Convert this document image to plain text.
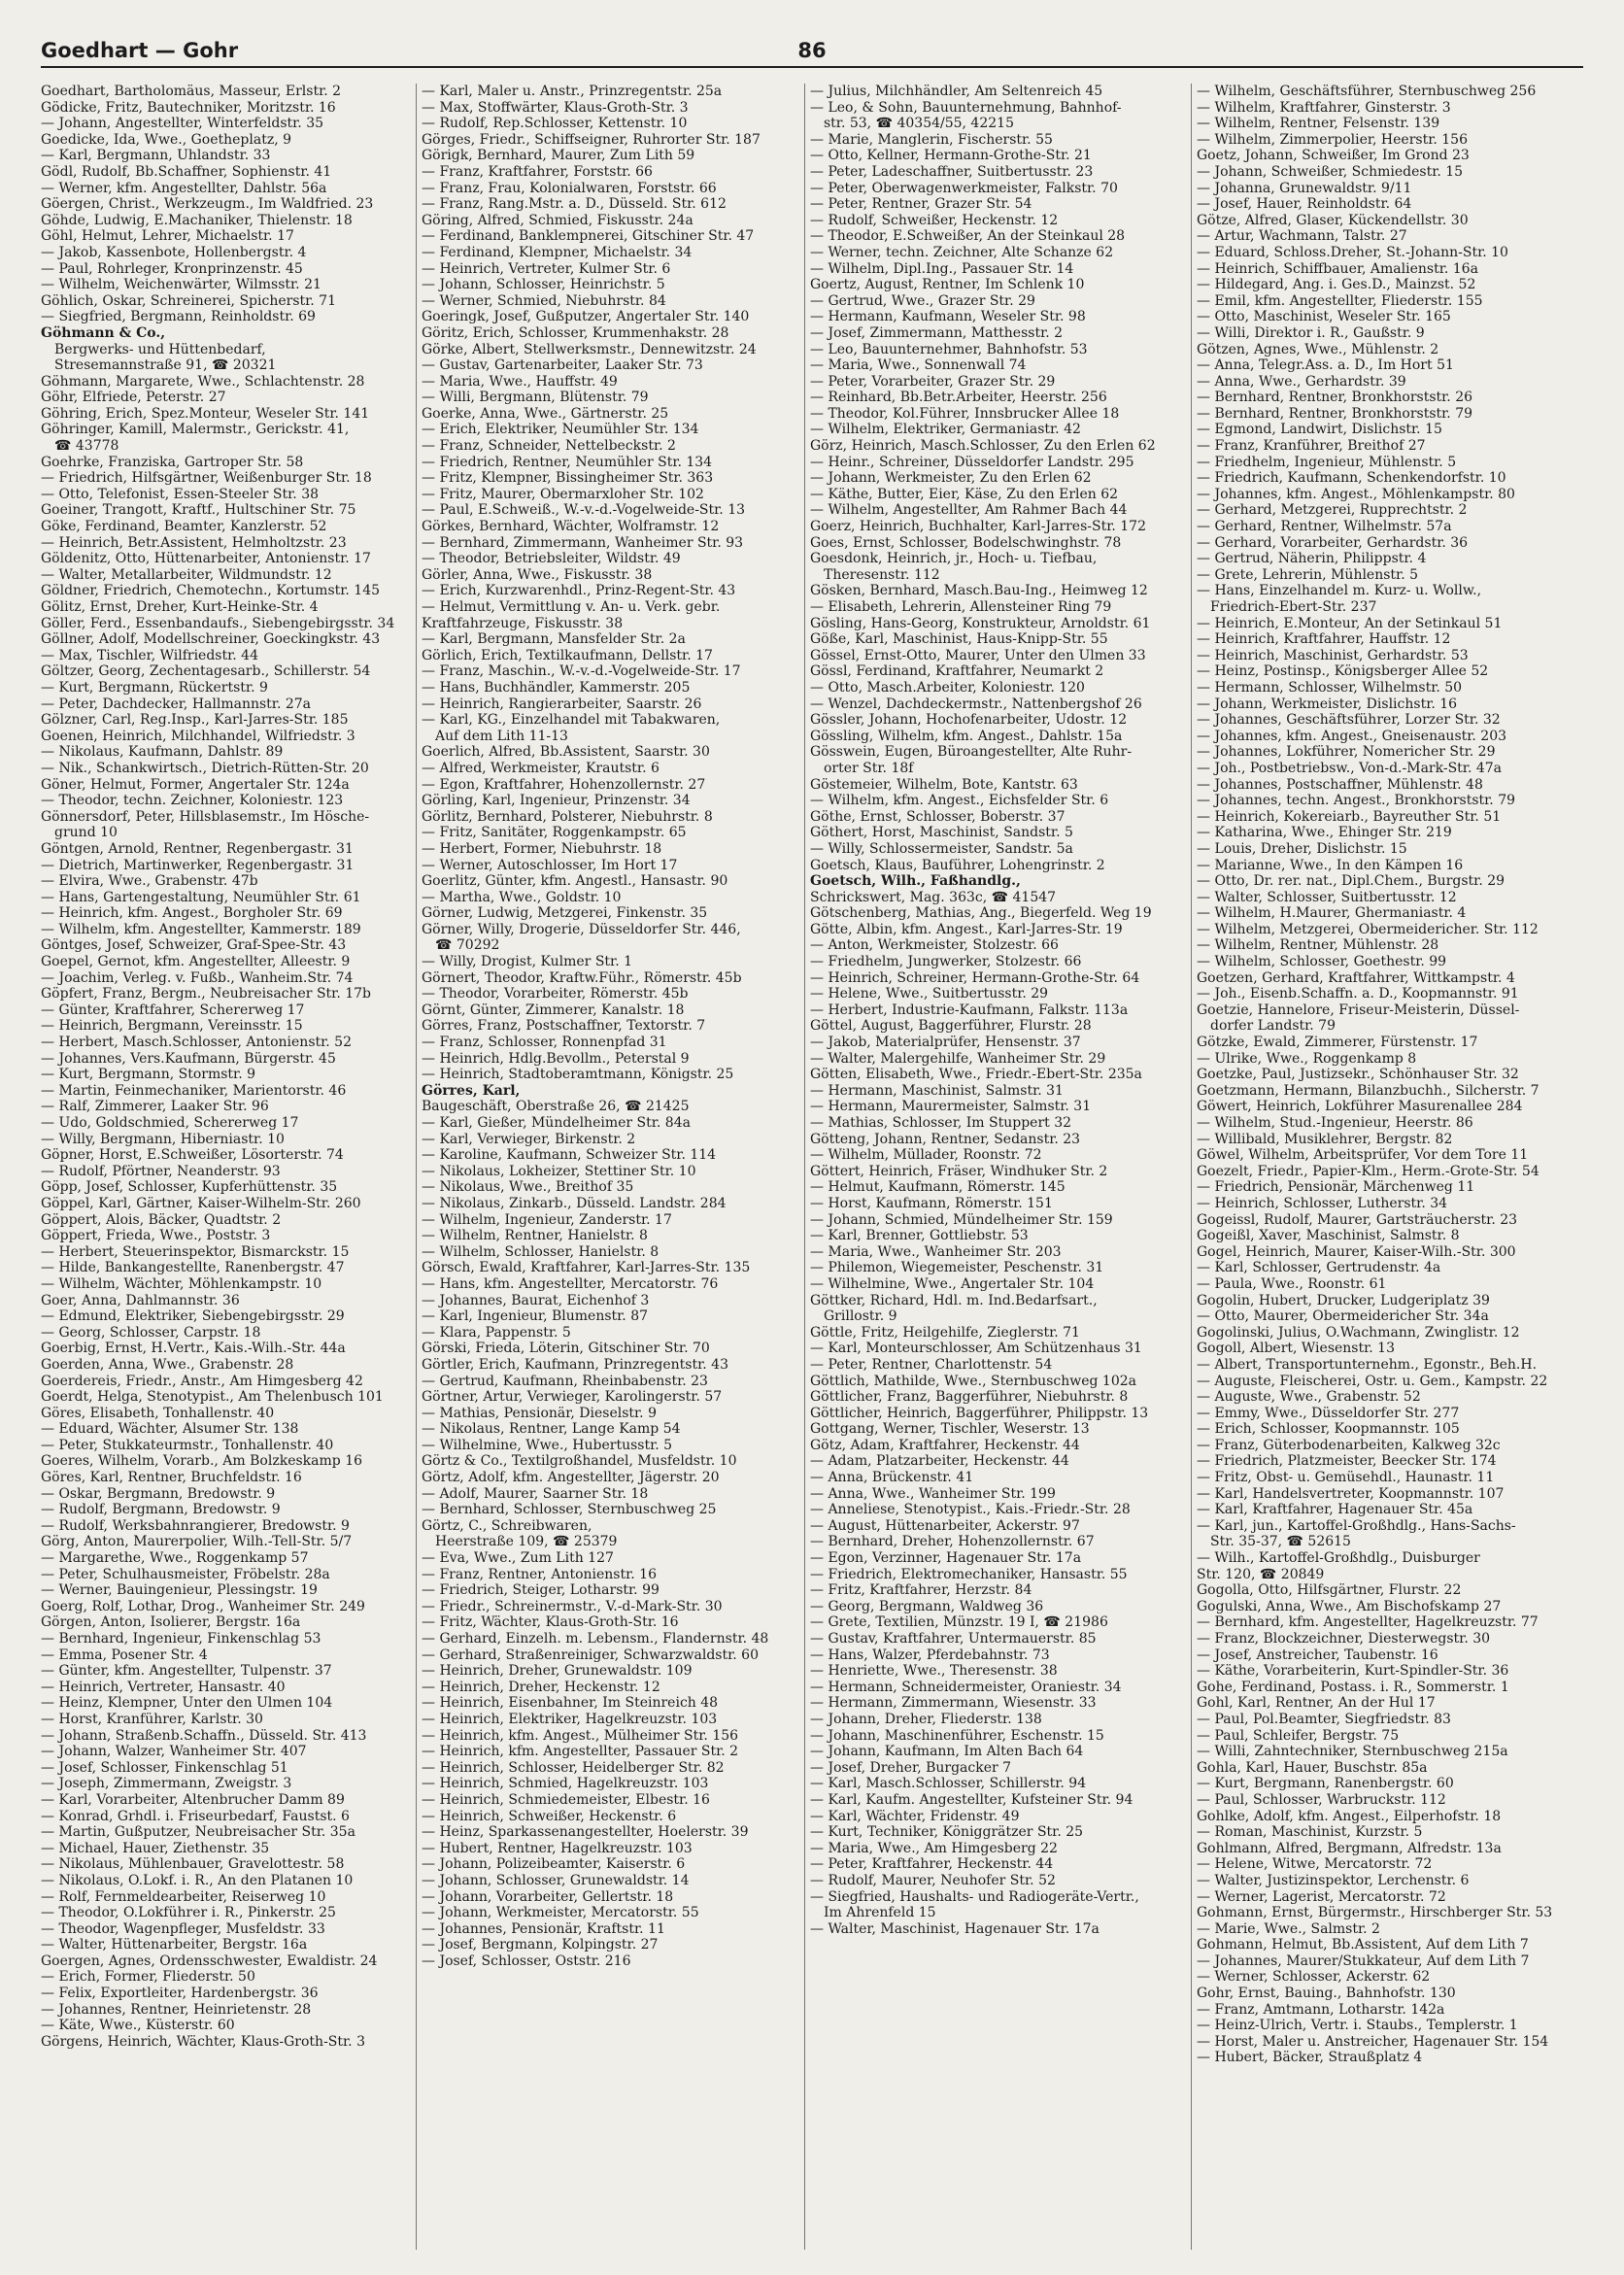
Goedhart — Gohr	86
Goedhart, Bartholomäus, Masseur, Erlstr. 2
Gödicke, Fritz, Bautechniker, Moritzstr. 16
— Johann, Angestellter, Winterfeldstr. 35
Goedicke, Ida, Wwe., Goetheplatz, 9
— Karl, Bergmann, Uhlandstr. 33
Gödl, Rudolf, Bb.Schaffner, Sophienstr. 41
— Werner, kfm. Angestellter, Dahlstr. 56a
Göergen, Christ., Werkzeugm., Im Waldfried. 23
Göhde, Ludwig, E.Machaniker, Thielenstr. 18
Göhl, Helmut, Lehrer, Michaelstr. 17
— Jakob, Kassenbote, Hollenbergstr. 4
— Paul, Rohrleger, Kronprinzenstr. 45
— Wilhelm, Weichenwärter, Wilmsstr. 21
Göhlich, Oskar, Schreinerei, Spicherstr. 71
— Siegfried, Bergmann, Reinholdstr. 69
Göhmann & Co.,
Bergwerks- und Hüttenbedarf,
Stresemannstraße 91, ☎ 20321
Göhmann, Margarete, Wwe., Schlachtenstr. 28
Göhr, Elfriede, Peterstr. 27
Göhring, Erich, Spez.Monteur, Weseler Str. 141
Göhringer, Kamill, Malermstr., Gerickstr. 41,
☎ 43778
Goehrke, Franziska, Gartroper Str. 58
— Friedrich, Hilfsgärtner, Weißenburger Str. 18
— Otto, Telefonist, Essen-Steeler Str. 38
Goeiner, Trangott, Kraftf., Hultschiner Str. 75
Göke, Ferdinand, Beamter, Kanzlerstr. 52
— Heinrich, Betr.Assistent, Helmholtzstr. 23
Göldenitz, Otto, Hüttenarbeiter, Antonienstr. 17
— Walter, Metallarbeiter, Wildmundstr. 12
Göldner, Friedrich, Chemotechn., Kortumstr. 145
Gölitz, Ernst, Dreher, Kurt-Heinke-Str. 4
Göller, Ferd., Essenbandaufs., Siebengebirgsstr. 34
Göllner, Adolf, Modellschreiner, Goeckingkstr. 43
— Max, Tischler, Wilfriedstr. 44
Göltzer, Georg, Zechentagesarb., Schillerstr. 54
— Kurt, Bergmann, Rückertstr. 9
— Peter, Dachdecker, Hallmannstr. 27a
Gölzner, Carl, Reg.Insp., Karl-Jarres-Str. 185
Goenen, Heinrich, Milchhandel, Wilfriedstr. 3
— Nikolaus, Kaufmann, Dahlstr. 89
— Nik., Schankwirtsch., Dietrich-Rütten-Str. 20
Göner, Helmut, Former, Angertaler Str. 124a
— Theodor, techn. Zeichner, Koloniestr. 123
Gönnersdorf, Peter, Hillsblasemstr., Im Hösche-
grund 10
Göntgen, Arnold, Rentner, Regenbergastr. 31
— Dietrich, Martinwerker, Regenbergastr. 31
— Elvira, Wwe., Grabenstr. 47b
— Hans, Gartengestaltung, Neumühler Str. 61
— Heinrich, kfm. Angest., Borgholer Str. 69
— Wilhelm, kfm. Angestellter, Kammerstr. 189
Göntges, Josef, Schweizer, Graf-Spee-Str. 43
Goepel, Gernot, kfm. Angestellter, Alleestr. 9
— Joachim, Verleg. v. Fußb., Wanheim.Str. 74
Göpfert, Franz, Bergm., Neubreisacher Str. 17b
— Günter, Kraftfahrer, Schererweg 17
— Heinrich, Bergmann, Vereinsstr. 15
— Herbert, Masch.Schlosser, Antonienstr. 52
— Johannes, Vers.Kaufmann, Bürgerstr. 45
— Kurt, Bergmann, Stormstr. 9
— Martin, Feinmechaniker, Marientorstr. 46
— Ralf, Zimmerer, Laaker Str. 96
— Udo, Goldschmied, Schererweg 17
— Willy, Bergmann, Hiberniastr. 10
Göpner, Horst, E.Schweißer, Lösorterstr. 74
— Rudolf, Pförtner, Neanderstr. 93
Göpp, Josef, Schlosser, Kupferhüttenstr. 35
Göppel, Karl, Gärtner, Kaiser-Wilhelm-Str. 260
Göppert, Alois, Bäcker, Quadtstr. 2
Göppert, Frieda, Wwe., Poststr. 3
— Herbert, Steuerinspektor, Bismarckstr. 15
— Hilde, Bankangestellte, Ranenbergstr. 47
— Wilhelm, Wächter, Möhlenkampstr. 10
Goer, Anna, Dahlmannstr. 36
— Edmund, Elektriker, Siebengebirgsstr. 29
— Georg, Schlosser, Carpstr. 18
Goerbig, Ernst, H.Vertr., Kais.-Wilh.-Str. 44a
Goerden, Anna, Wwe., Grabenstr. 28
Goerdereis, Friedr., Anstr., Am Himgesberg 42
Goerdt, Helga, Stenotypist., Am Thelenbusch 101
Göres, Elisabeth, Tonhallenstr. 40
— Eduard, Wächter, Alsumer Str. 138
— Peter, Stukkateurmstr., Tonhallenstr. 40
Goeres, Wilhelm, Vorarb., Am Bolzkeskamp 16
Göres, Karl, Rentner, Bruchfeldstr. 16
— Oskar, Bergmann, Bredowstr. 9
— Rudolf, Bergmann, Bredowstr. 9
— Rudolf, Werksbahnrangierer, Bredowstr. 9
Görg, Anton, Maurerpolier, Wilh.-Tell-Str. 5/7
— Margarethe, Wwe., Roggenkamp 57
— Peter, Schulhausmeister, Fröbelstr. 28a
— Werner, Bauingenieur, Plessingstr. 19
Goerg, Rolf, Lothar, Drog., Wanheimer Str. 249
Görgen, Anton, Isolierer, Bergstr. 16a
— Bernhard, Ingenieur, Finkenschlag 53
— Emma, Posener Str. 4
— Günter, kfm. Angestellter, Tulpenstr. 37
— Heinrich, Vertreter, Hansastr. 40
— Heinz, Klempner, Unter den Ulmen 104
— Horst, Kranführer, Karlstr. 30
— Johann, Straßenb.Schaffn., Düsseld. Str. 413
— Johann, Walzer, Wanheimer Str. 407
— Josef, Schlosser, Finkenschlag 51
— Joseph, Zimmermann, Zweigstr. 3
— Karl, Vorarbeiter, Altenbrucher Damm 89
— Konrad, Grhdl. i. Friseurbedarf, Faustst. 6
— Martin, Gußputzer, Neubreisacher Str. 35a
— Michael, Hauer, Ziethenstr. 35
— Nikolaus, Mühlenbauer, Gravelottestr. 58
— Nikolaus, O.Lokf. i. R., An den Platanen 10
— Rolf, Fernmeldearbeiter, Reiserweg 10
— Theodor, O.Lokführer i. R., Pinkerstr. 25
— Theodor, Wagenpfleger, Musfeldstr. 33
— Walter, Hüttenarbeiter, Bergstr. 16a
Goergen, Agnes, Ordensschwester, Ewaldistr. 24
— Erich, Former, Fliederstr. 50
— Felix, Exportleiter, Hardenbergstr. 36
— Johannes, Rentner, Heinrietenstr. 28
— Käte, Wwe., Küsterstr. 60
Görgens, Heinrich, Wächter, Klaus-Groth-Str. 3
— Karl, Maler u. Anstr., Prinzregentstr. 25a
— Max, Stoffwärter, Klaus-Groth-Str. 3
— Rudolf, Rep.Schlosser, Kettenstr. 10
Görges, Friedr., Schiffseigner, Ruhrorter Str. 187
Görigk, Bernhard, Maurer, Zum Lith 59
— Franz, Kraftfahrer, Forststr. 66
— Franz, Frau, Kolonialwaren, Forststr. 66
— Franz, Rang.Mstr. a. D., Düsseld. Str. 612
Göring, Alfred, Schmied, Fiskusstr. 24a
— Ferdinand, Banklempnerei, Gitschiner Str. 47
— Ferdinand, Klempner, Michaelstr. 34
— Heinrich, Vertreter, Kulmer Str. 6
— Johann, Schlosser, Heinrichstr. 5
— Werner, Schmied, Niebuhrstr. 84
Goeringk, Josef, Gußputzer, Angertaler Str. 140
Göritz, Erich, Schlosser, Krummenhakstr. 28
Görke, Albert, Stellwerksmstr., Dennewitzstr. 24
— Gustav, Gartenarbeiter, Laaker Str. 73
— Maria, Wwe., Hauffstr. 49
— Willi, Bergmann, Blütenstr. 79
Goerke, Anna, Wwe., Gärtnerstr. 25
— Erich, Elektriker, Neumühler Str. 134
— Franz, Schneider, Nettelbeckstr. 2
— Friedrich, Rentner, Neumühler Str. 134
— Fritz, Klempner, Bissingheimer Str. 363
— Fritz, Maurer, Obermarxloher Str. 102
— Paul, E.Schweiß., W.-v.-d.-Vogelweide-Str. 13
Görkes, Bernhard, Wächter, Wolframstr. 12
— Bernhard, Zimmermann, Wanheimer Str. 93
— Theodor, Betriebsleiter, Wildstr. 49
Görler, Anna, Wwe., Fiskusstr. 38
— Erich, Kurzwarenhdl., Prinz-Regent-Str. 43
— Helmut, Vermittlung v. An- u. Verk. gebr.
Kraftfahrzeuge, Fiskusstr. 38
— Karl, Bergmann, Mansfelder Str. 2a
Görlich, Erich, Textilkaufmann, Dellstr. 17
— Franz, Maschin., W.-v.-d.-Vogelweide-Str. 17
— Hans, Buchhändler, Kammerstr. 205
— Heinrich, Rangierarbeiter, Saarstr. 26
— Karl, KG., Einzelhandel mit Tabakwaren,
Auf dem Lith 11-13
Goerlich, Alfred, Bb.Assistent, Saarstr. 30
— Alfred, Werkmeister, Krautstr. 6
— Egon, Kraftfahrer, Hohenzollernstr. 27
Görling, Karl, Ingenieur, Prinzenstr. 34
Görlitz, Bernhard, Polsterer, Niebuhrstr. 8
— Fritz, Sanitäter, Roggenkampstr. 65
— Herbert, Former, Niebuhrstr. 18
— Werner, Autoschlosser, Im Hort 17
Goerlitz, Günter, kfm. Angestl., Hansastr. 90
— Martha, Wwe., Goldstr. 10
Görner, Ludwig, Metzgerei, Finkenstr. 35
Görner, Willy, Drogerie, Düsseldorfer Str. 446,
☎ 70292
— Willy, Drogist, Kulmer Str. 1
Görnert, Theodor, Kraftw.Führ., Römerstr. 45b
— Theodor, Vorarbeiter, Römerstr. 45b
Görnt, Günter, Zimmerer, Kanalstr. 18
Görres, Franz, Postschaffner, Textorstr. 7
— Franz, Schlosser, Ronnenpfad 31
— Heinrich, Hdlg.Bevollm., Peterstal 9
— Heinrich, Stadtoberamtmann, Königstr. 25
Görres, Karl,
Baugeschäft, Oberstraße 26, ☎ 21425
— Karl, Gießer, Mündelheimer Str. 84a
— Karl, Verwieger, Birkenstr. 2
— Karoline, Kaufmann, Schweizer Str. 114
— Nikolaus, Lokheizer, Stettiner Str. 10
— Nikolaus, Wwe., Breithof 35
— Nikolaus, Zinkarb., Düsseld. Landstr. 284
— Wilhelm, Ingenieur, Zanderstr. 17
— Wilhelm, Rentner, Hanielstr. 8
— Wilhelm, Schlosser, Hanielstr. 8
Görsch, Ewald, Kraftfahrer, Karl-Jarres-Str. 135
— Hans, kfm. Angestellter, Mercatorstr. 76
— Johannes, Baurat, Eichenhof 3
— Karl, Ingenieur, Blumenstr. 87
— Klara, Pappenstr. 5
Görski, Frieda, Löterin, Gitschiner Str. 70
Görtler, Erich, Kaufmann, Prinzregentstr. 43
— Gertrud, Kaufmann, Rheinbabenstr. 23
Görtner, Artur, Verwieger, Karolingerstr. 57
— Mathias, Pensionär, Dieselstr. 9
— Nikolaus, Rentner, Lange Kamp 54
— Wilhelmine, Wwe., Hubertusstr. 5
Görtz & Co., Textilgroßhandel, Musfeldstr. 10
Görtz, Adolf, kfm. Angestellter, Jägerstr. 20
— Adolf, Maurer, Saarner Str. 18
— Bernhard, Schlosser, Sternbuschweg 25
Görtz, C., Schreibwaren,
Heerstraße 109, ☎ 25379
— Eva, Wwe., Zum Lith 127
— Franz, Rentner, Antonienstr. 16
— Friedrich, Steiger, Lotharstr. 99
— Friedr., Schreinermstr., V.-d-Mark-Str. 30
— Fritz, Wächter, Klaus-Groth-Str. 16
— Gerhard, Einzelh. m. Lebensm., Flandernstr. 48
— Gerhard, Straßenreiniger, Schwarzwaldstr. 60
— Heinrich, Dreher, Grunewaldstr. 109
— Heinrich, Dreher, Heckenstr. 12
— Heinrich, Eisenbahner, Im Steinreich 48
— Heinrich, Elektriker, Hagelkreuzstr. 103
— Heinrich, kfm. Angest., Mülheimer Str. 156
— Heinrich, kfm. Angestellter, Passauer Str. 2
— Heinrich, Schlosser, Heidelberger Str. 82
— Heinrich, Schmied, Hagelkreuzstr. 103
— Heinrich, Schmiedemeister, Elbestr. 16
— Heinrich, Schweißer, Heckenstr. 6
— Heinz, Sparkassenangestellter, Hoelerstr. 39
— Hubert, Rentner, Hagelkreuzstr. 103
— Johann, Polizeibeamter, Kaiserstr. 6
— Johann, Schlosser, Grunewaldstr. 14
— Johann, Vorarbeiter, Gellertstr. 18
— Johann, Werkmeister, Mercatorstr. 55
— Johannes, Pensionär, Kraftstr. 11
— Josef, Bergmann, Kolpingstr. 27
— Josef, Schlosser, Oststr. 216
— Julius, Milchhändler, Am Seltenreich 45
— Leo, & Sohn, Bauunternehmung, Bahnhof-
str. 53, ☎ 40354/55, 42215
— Marie, Manglerin, Fischerstr. 55
— Otto, Kellner, Hermann-Grothe-Str. 21
— Peter, Ladeschaffner, Suitbertusstr. 23
— Peter, Oberwagenwerkmeister, Falkstr. 70
— Peter, Rentner, Grazer Str. 54
— Rudolf, Schweißer, Heckenstr. 12
— Theodor, E.Schweißer, An der Steinkaul 28
— Werner, techn. Zeichner, Alte Schanze 62
— Wilhelm, Dipl.Ing., Passauer Str. 14
Goertz, August, Rentner, Im Schlenk 10
— Gertrud, Wwe., Grazer Str. 29
— Hermann, Kaufmann, Weseler Str. 98
— Josef, Zimmermann, Matthesstr. 2
— Leo, Bauunternehmer, Bahnhofstr. 53
— Maria, Wwe., Sonnenwall 74
— Peter, Vorarbeiter, Grazer Str. 29
— Reinhard, Bb.Betr.Arbeiter, Heerstr. 256
— Theodor, Kol.Führer, Innsbrucker Allee 18
— Wilhelm, Elektriker, Germaniastr. 42
Görz, Heinrich, Masch.Schlosser, Zu den Erlen 62
— Heinr., Schreiner, Düsseldorfer Landstr. 295
— Johann, Werkmeister, Zu den Erlen 62
— Käthe, Butter, Eier, Käse, Zu den Erlen 62
— Wilhelm, Angestellter, Am Rahmer Bach 44
Goerz, Heinrich, Buchhalter, Karl-Jarres-Str. 172
Goes, Ernst, Schlosser, Bodelschwinghstr. 78
Goesdonk, Heinrich, jr., Hoch- u. Tiefbau,
Theresenstr. 112
Gösken, Bernhard, Masch.Bau-Ing., Heimweg 12
— Elisabeth, Lehrerin, Allensteiner Ring 79
Gösling, Hans-Georg, Konstrukteur, Arnoldstr. 61
Göße, Karl, Maschinist, Haus-Knipp-Str. 55
Gössel, Ernst-Otto, Maurer, Unter den Ulmen 33
Gössl, Ferdinand, Kraftfahrer, Neumarkt 2
— Otto, Masch.Arbeiter, Koloniestr. 120
— Wenzel, Dachdeckermstr., Nattenbergshof 26
Gössler, Johann, Hochofenarbeiter, Udostr. 12
Gössling, Wilhelm, kfm. Angest., Dahlstr. 15a
Gösswein, Eugen, Büroangestellter, Alte Ruhr-
orter Str. 18f
Göstemeier, Wilhelm, Bote, Kantstr. 63
— Wilhelm, kfm. Angest., Eichsfelder Str. 6
Göthe, Ernst, Schlosser, Boberstr. 37
Göthert, Horst, Maschinist, Sandstr. 5
— Willy, Schlossermeister, Sandstr. 5a
Goetsch, Klaus, Bauführer, Lohengrinstr. 2
Goetsch, Wilh., Faßhandlg.,
Schrickswert, Mag. 363c, ☎ 41547
Götschenberg, Mathias, Ang., Biegerfeld. Weg 19
Götte, Albin, kfm. Angest., Karl-Jarres-Str. 19
— Anton, Werkmeister, Stolzestr. 66
— Friedhelm, Jungwerker, Stolzestr. 66
— Heinrich, Schreiner, Hermann-Grothe-Str. 64
— Helene, Wwe., Suitbertusstr. 29
— Herbert, Industrie-Kaufmann, Falkstr. 113a
Göttel, August, Baggerführer, Flurstr. 28
— Jakob, Materialprüfer, Hensenstr. 37
— Walter, Malergehilfe, Wanheimer Str. 29
Götten, Elisabeth, Wwe., Friedr.-Ebert-Str. 235a
— Hermann, Maschinist, Salmstr. 31
— Hermann, Maurermeister, Salmstr. 31
— Mathias, Schlosser, Im Stuppert 32
Götteng, Johann, Rentner, Sedanstr. 23
— Wilhelm, Müllader, Roonstr. 72
Göttert, Heinrich, Fräser, Windhuker Str. 2
— Helmut, Kaufmann, Römerstr. 145
— Horst, Kaufmann, Römerstr. 151
— Johann, Schmied, Mündelheimer Str. 159
— Karl, Brenner, Gottliebstr. 53
— Maria, Wwe., Wanheimer Str. 203
— Philemon, Wiegemeister, Peschenstr. 31
— Wilhelmine, Wwe., Angertaler Str. 104
Göttker, Richard, Hdl. m. Ind.Bedarfsart.,
Grillostr. 9
Göttle, Fritz, Heilgehilfe, Zieglerstr. 71
— Karl, Monteurschlosser, Am Schützenhaus 31
— Peter, Rentner, Charlottenstr. 54
Göttlich, Mathilde, Wwe., Sternbuschweg 102a
Göttlicher, Franz, Baggerführer, Niebuhrstr. 8
Göttlicher, Heinrich, Baggerführer, Philippstr. 13
Gottgang, Werner, Tischler, Weserstr. 13
Götz, Adam, Kraftfahrer, Heckenstr. 44
— Adam, Platzarbeiter, Heckenstr. 44
— Anna, Brückenstr. 41
— Anna, Wwe., Wanheimer Str. 199
— Anneliese, Stenotypist., Kais.-Friedr.-Str. 28
— August, Hüttenarbeiter, Ackerstr. 97
— Bernhard, Dreher, Hohenzollernstr. 67
— Egon, Verzinner, Hagenauer Str. 17a
— Friedrich, Elektromechaniker, Hansastr. 55
— Fritz, Kraftfahrer, Herzstr. 84
— Georg, Bergmann, Waldweg 36
— Grete, Textilien, Münzstr. 19 I, ☎ 21986
— Gustav, Kraftfahrer, Untermauerstr. 85
— Hans, Walzer, Pferdebahnstr. 73
— Henriette, Wwe., Theresenstr. 38
— Hermann, Schneidermeister, Oraniestr. 34
— Hermann, Zimmermann, Wiesenstr. 33
— Johann, Dreher, Fliederstr. 138
— Johann, Maschinenführer, Eschenstr. 15
— Johann, Kaufmann, Im Alten Bach 64
— Josef, Dreher, Burgacker 7
— Karl, Masch.Schlosser, Schillerstr. 94
— Karl, Kaufm. Angestellter, Kufsteiner Str. 94
— Karl, Wächter, Fridenstr. 49
— Kurt, Techniker, Königgrätzer Str. 25
— Maria, Wwe., Am Himgesberg 22
— Peter, Kraftfahrer, Heckenstr. 44
— Rudolf, Maurer, Neuhofer Str. 52
— Siegfried, Haushalts- und Radiogeräte-Vertr.,
Im Ahrenfeld 15
— Walter, Maschinist, Hagenauer Str. 17a
— Wilhelm, Geschäftsführer, Sternbuschweg 256
— Wilhelm, Kraftfahrer, Ginsterstr. 3
— Wilhelm, Rentner, Felsenstr. 139
— Wilhelm, Zimmerpolier, Heerstr. 156
Goetz, Johann, Schweißer, Im Grond 23
— Johann, Schweißer, Schmiedestr. 15
— Johanna, Grunewaldstr. 9/11
— Josef, Hauer, Reinholdstr. 64
Götze, Alfred, Glaser, Kückendellstr. 30
— Artur, Wachmann, Talstr. 27
— Eduard, Schloss.Dreher, St.-Johann-Str. 10
— Heinrich, Schiffbauer, Amalienstr. 16a
— Hildegard, Ang. i. Ges.D., Mainzst. 52
— Emil, kfm. Angestellter, Fliederstr. 155
— Otto, Maschinist, Weseler Str. 165
— Willi, Direktor i. R., Gaußstr. 9
Götzen, Agnes, Wwe., Mühlenstr. 2
— Anna, Telegr.Ass. a. D., Im Hort 51
— Anna, Wwe., Gerhardstr. 39
— Bernhard, Rentner, Bronkhorststr. 26
— Bernhard, Rentner, Bronkhorststr. 79
— Egmond, Landwirt, Dislichstr. 15
— Franz, Kranführer, Breithof 27
— Friedhelm, Ingenieur, Mühlenstr. 5
— Friedrich, Kaufmann, Schenkendorfstr. 10
— Johannes, kfm. Angest., Möhlenkampstr. 80
— Gerhard, Metzgerei, Rupprechtstr. 2
— Gerhard, Rentner, Wilhelmstr. 57a
— Gerhard, Vorarbeiter, Gerhardstr. 36
— Gertrud, Näherin, Philippstr. 4
— Grete, Lehrerin, Mühlenstr. 5
— Hans, Einzelhandel m. Kurz- u. Wollw.,
Friedrich-Ebert-Str. 237
— Heinrich, E.Monteur, An der Setinkaul 51
— Heinrich, Kraftfahrer, Hauffstr. 12
— Heinrich, Maschinist, Gerhardstr. 53
— Heinz, Postinsp., Königsberger Allee 52
— Hermann, Schlosser, Wilhelmstr. 50
— Johann, Werkmeister, Dislichstr. 16
— Johannes, Geschäftsführer, Lorzer Str. 32
— Johannes, kfm. Angest., Gneisenaustr. 203
— Johannes, Lokführer, Nomericher Str. 29
— Joh., Postbetriebsw., Von-d.-Mark-Str. 47a
— Johannes, Postschaffner, Mühlenstr. 48
— Johannes, techn. Angest., Bronkhorststr. 79
— Heinrich, Kokereiarb., Bayreuther Str. 51
— Katharina, Wwe., Ehinger Str. 219
— Louis, Dreher, Dislichstr. 15
— Marianne, Wwe., In den Kämpen 16
— Otto, Dr. rer. nat., Dipl.Chem., Burgstr. 29
— Walter, Schlosser, Suitbertusstr. 12
— Wilhelm, H.Maurer, Ghermaniastr. 4
— Wilhelm, Metzgerei, Obermeidericher. Str. 112
— Wilhelm, Rentner, Mühlenstr. 28
— Wilhelm, Schlosser, Goethestr. 99
Goetzen, Gerhard, Kraftfahrer, Wittkampstr. 4
— Joh., Eisenb.Schaffn. a. D., Koopmannstr. 91
Goetzie, Hannelore, Friseur-Meisterin, Düssel-
dorfer Landstr. 79
Götzke, Ewald, Zimmerer, Fürstenstr. 17
— Ulrike, Wwe., Roggenkamp 8
Goetzke, Paul, Justizsekr., Schönhauser Str. 32
Goetzmann, Hermann, Bilanzbuchh., Silcherstr. 7
Göwert, Heinrich, Lokführer Masurenallee 284
— Wilhelm, Stud.-Ingenieur, Heerstr. 86
— Willibald, Musiklehrer, Bergstr. 82
Göwel, Wilhelm, Arbeitsprüfer, Vor dem Tore 11
Goezelt, Friedr., Papier-Klm., Herm.-Grote-Str. 54
— Friedrich, Pensionär, Märchenweg 11
— Heinrich, Schlosser, Lutherstr. 34
Gogeissl, Rudolf, Maurer, Gartsträucherstr. 23
Gogeißl, Xaver, Maschinist, Salmstr. 8
Gogel, Heinrich, Maurer, Kaiser-Wilh.-Str. 300
— Karl, Schlosser, Gertrudenstr. 4a
— Paula, Wwe., Roonstr. 61
Gogolin, Hubert, Drucker, Ludgeriplatz 39
— Otto, Maurer, Obermeidericher Str. 34a
Gogolinski, Julius, O.Wachmann, Zwinglistr. 12
Gogoll, Albert, Wiesenstr. 13
— Albert, Transportunternehm., Egonstr., Beh.H.
— Auguste, Fleischerei, Ostr. u. Gem., Kampstr. 22
— Auguste, Wwe., Grabenstr. 52
— Emmy, Wwe., Düsseldorfer Str. 277
— Erich, Schlosser, Koopmannstr. 105
— Franz, Güterbodenarbeiten, Kalkweg 32c
— Friedrich, Platzmeister, Beecker Str. 174
— Fritz, Obst- u. Gemüsehdl., Haunastr. 11
— Karl, Handelsvertreter, Koopmannstr. 107
— Karl, Kraftfahrer, Hagenauer Str. 45a
— Karl, jun., Kartoffel-Großhdlg., Hans-Sachs-
Str. 35-37, ☎ 52615
— Wilh., Kartoffel-Großhdlg., Duisburger
Str. 120, ☎ 20849
Gogolla, Otto, Hilfsgärtner, Flurstr. 22
Gogulski, Anna, Wwe., Am Bischofskamp 27
— Bernhard, kfm. Angestellter, Hagelkreuzstr. 77
— Franz, Blockzeichner, Diesterwegstr. 30
— Josef, Anstreicher, Taubenstr. 16
— Käthe, Vorarbeiterin, Kurt-Spindler-Str. 36
Gohe, Ferdinand, Postass. i. R., Sommerstr. 1
Gohl, Karl, Rentner, An der Hul 17
— Paul, Pol.Beamter, Siegfriedstr. 83
— Paul, Schleifer, Bergstr. 75
— Willi, Zahntechniker, Sternbuschweg 215a
Gohla, Karl, Hauer, Buschstr. 85a
— Kurt, Bergmann, Ranenbergstr. 60
— Paul, Schlosser, Warbruckstr. 112
Gohlke, Adolf, kfm. Angest., Eilperhofstr. 18
— Roman, Maschinist, Kurzstr. 5
Gohlmann, Alfred, Bergmann, Alfredstr. 13a
— Helene, Witwe, Mercatorstr. 72
— Walter, Justizinspektor, Lerchenstr. 6
— Werner, Lagerist, Mercatorstr. 72
Gohmann, Ernst, Bürgermstr., Hirschberger Str. 53
— Marie, Wwe., Salmstr. 2
Gohmann, Helmut, Bb.Assistent, Auf dem Lith 7
— Johannes, Maurer/Stukkateur, Auf dem Lith 7
— Werner, Schlosser, Ackerstr. 62
Gohr, Ernst, Bauing., Bahnhofstr. 130
— Franz, Amtmann, Lotharstr. 142a
— Heinz-Ulrich, Vertr. i. Staubs., Templerstr. 1
— Horst, Maler u. Anstreicher, Hagenauer Str. 154
— Hubert, Bäcker, Straußplatz 4
